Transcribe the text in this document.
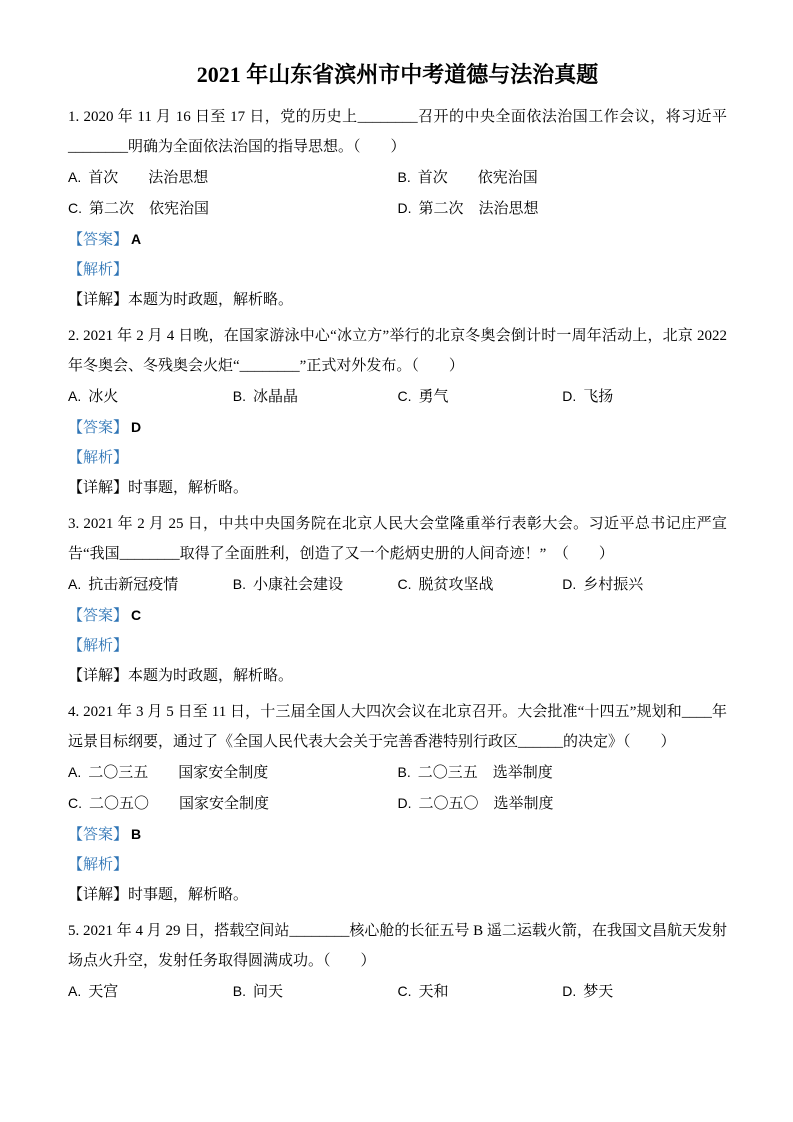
2021 年山东省滨州市中考道德与法治真题

1. 2020 年 11 月 16 日至 17 日，党的历史上________召开的中央全面依法治国工作会议，将习近平________明确为全面依法治国的指导思想。（　　）

A. 首次　　法治思想	B. 首次　　依宪治国
C. 第二次　依宪治国	D. 第二次　法治思想

【答案】 A

【解析】

【详解】本题为时政题，解析略。

2. 2021 年 2 月 4 日晚，在国家游泳中心“冰立方”举行的北京冬奥会倒计时一周年活动上，北京 2022 年冬奥会、冬残奥会火炬“________”正式对外发布。（　　）

A. 冰火	B. 冰晶晶	C. 勇气	D. 飞扬

【答案】 D

【解析】

【详解】时事题，解析略。

3. 2021 年 2 月 25 日，中共中央国务院在北京人民大会堂隆重举行表彰大会。习近平总书记庄严宣告“我国________取得了全面胜利，创造了又一个彪炳史册的人间奇迹！”　（　　）

A. 抗击新冠疫情	B. 小康社会建设	C. 脱贫攻坚战	D. 乡村振兴

【答案】 C

【解析】

【详解】本题为时政题，解析略。

4. 2021 年 3 月 5 日至 11 日，十三届全国人大四次会议在北京召开。大会批准“十四五”规划和____年远景目标纲要，通过了《全国人民代表大会关于完善香港特别行政区______的决定》（　　）

A. 二〇三五　　国家安全制度	B. 二〇三五　选举制度
C. 二〇五〇　　国家安全制度	D. 二〇五〇　选举制度

【答案】 B

【解析】

【详解】时事题，解析略。

5. 2021 年 4 月 29 日，搭载空间站________核心舱的长征五号 B 遥二运载火箭，在我国文昌航天发射场点火升空，发射任务取得圆满成功。（　　）

A. 天宫	B. 问天	C. 天和	D. 梦天
